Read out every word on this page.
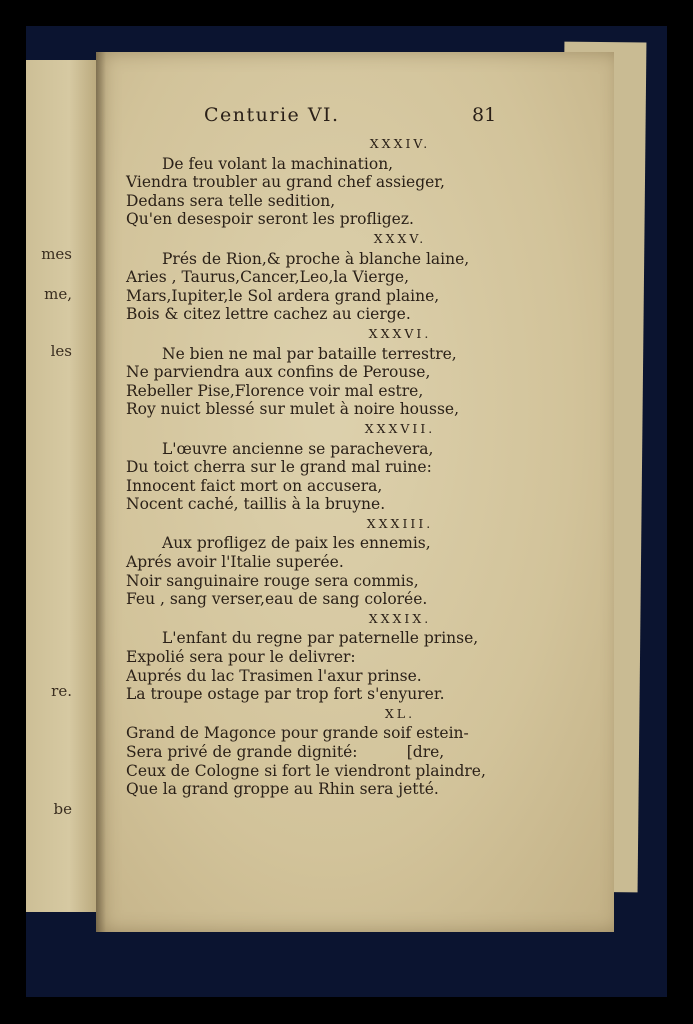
mes
me,
les
re.
be
Centurie VI.	81
XXXIV.
De feu volant la machination,
Viendra troubler au grand chef assieger,
Dedans sera telle sedition,
Qu'en desespoir seront les profligez.
XXXV.
Prés de Rion,& proche à blanche laine,
Aries , Taurus,Cancer,Leo,la Vierge,
Mars,Iupiter,le Sol ardera grand plaine,
Bois & citez lettre cachez au cierge.
XXXVI.
Ne bien ne mal par bataille terrestre,
Ne parviendra aux confins de Perouse,
Rebeller Pise,Florence voir mal estre,
Roy nuict blessé sur mulet à noire housse,
XXXVII.
L'œuvre ancienne se parachevera,
Du toict cherra sur le grand mal ruine:
Innocent faict mort on accusera,
Nocent caché, taillis à la bruyne.
XXXIII.
Aux profligez de paix les ennemis,
Aprés avoir l'Italie superée.
Noir sanguinaire rouge sera commis,
Feu , sang verser,eau de sang colorée.
XXXIX.
L'enfant du regne par paternelle prinse,
Expolié sera pour le delivrer:
Auprés du lac Trasimen l'axur prinse.
La troupe ostage par trop fort s'enyurer.
XL.
Grand de Magonce pour grande soif estein-
Sera privé de grande dignité:          [dre,
Ceux de Cologne si fort le viendront plaindre,
Que la grand groppe au Rhin sera jetté.
